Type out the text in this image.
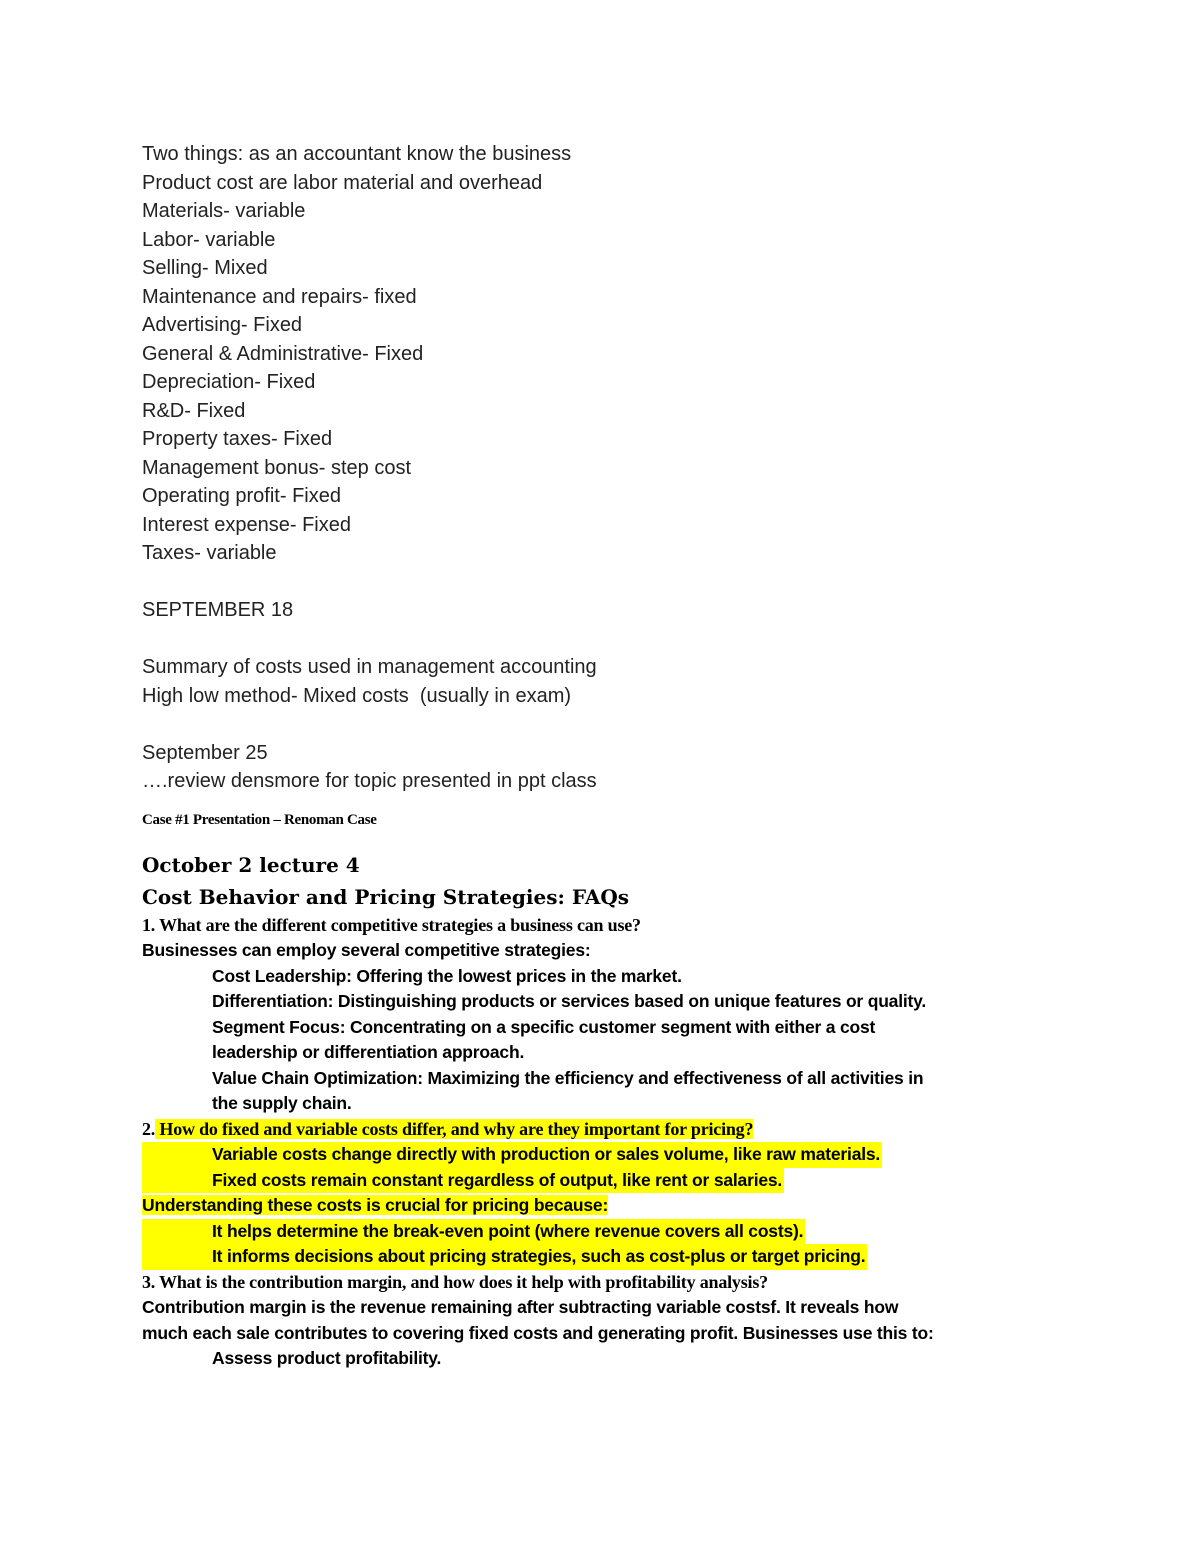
Two things: as an accountant know the business

Product cost are labor material and overhead

Materials- variable

Labor- variable

Selling- Mixed

Maintenance and repairs- fixed

Advertising- Fixed

General & Administrative- Fixed

Depreciation- Fixed

R&D- Fixed

Property taxes- Fixed

Management bonus- step cost

Operating profit- Fixed

Interest expense- Fixed

Taxes- variable

SEPTEMBER 18

Summary of costs used in management accounting

High low method- Mixed costs  (usually in exam)

September 25

….review densmore for topic presented in ppt class

Case #1 Presentation – Renoman Case

October 2 lecture 4

Cost Behavior and Pricing Strategies: FAQs

1. What are the different competitive strategies a business can use?

Businesses can employ several competitive strategies:

Cost Leadership: Offering the lowest prices in the market.

Differentiation: Distinguishing products or services based on unique features or quality.

Segment Focus: Concentrating on a specific customer segment with either a cost

leadership or differentiation approach.

Value Chain Optimization: Maximizing the efficiency and effectiveness of all activities in

the supply chain.

2. How do fixed and variable costs differ, and why are they important for pricing?

Variable costs change directly with production or sales volume, like raw materials.

Fixed costs remain constant regardless of output, like rent or salaries.

Understanding these costs is crucial for pricing because:

It helps determine the break-even point (where revenue covers all costs).

It informs decisions about pricing strategies, such as cost-plus or target pricing.

3. What is the contribution margin, and how does it help with profitability analysis?

Contribution margin is the revenue remaining after subtracting variable costsf. It reveals how

much each sale contributes to covering fixed costs and generating profit. Businesses use this to:

Assess product profitability.
